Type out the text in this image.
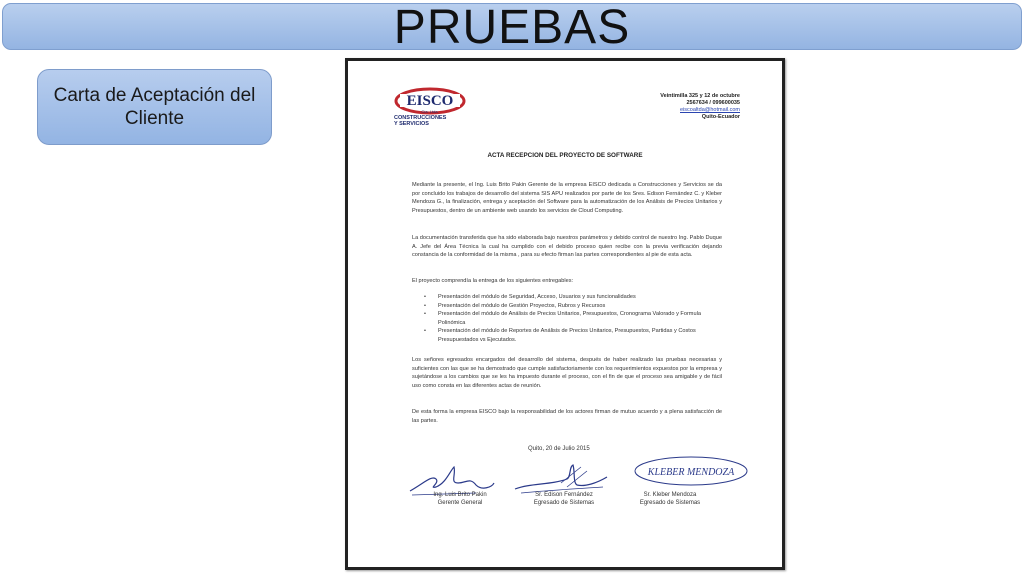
PRUEBAS
Carta de Aceptación del Cliente
EISCO
Cía. Ltda.
CONSTRUCCIONES
Y SERVICIOS
Veintimilla 325 y 12 de octubre
2567634 / 099600035
eiscoaltda@hotmail.com
Quito-Ecuador
ACTA RECEPCION DEL PROYECTO DE SOFTWARE
Mediante la presente, el Ing. Luis Brito Pakin Gerente de la empresa EISCO dedicada a Construcciones y Servicios se da por concluido los trabajos de desarrollo del sistema SIS APU realizados por parte de los Sres. Edison Fernández C. y Kleber Mendoza G., la finalización, entrega y aceptación del Software para la automatización de los Análisis de Precios Unitarios y Presupuestos, dentro de un ambiente web usando los servicios de Cloud Computing.
La documentación transferida que ha sido elaborada bajo nuestros parámetros y debido control de nuestro Ing. Pablo Duque A. Jefe del Área Técnica la cual ha cumplido con el debido proceso quien recibe con la previa verificación dejando constancia de la conformidad de la misma , para su efecto firman las partes correspondientes al pie de esta acta.
El proyecto comprendía la entrega de los siguientes entregables:
• Presentación del módulo de Seguridad, Acceso, Usuarios y sus funcionalidades
• Presentación del módulo de Gestión Proyectos, Rubros y Recursos
• Presentación del módulo de Análisis de Precios Unitarios, Presupuestos, Cronograma Valorado y Formula Polinómica
• Presentación del módulo de Reportes de Análisis de Precios Unitarios, Presupuestos, Partidas y Costos Presupuestados vs Ejecutados.
Los señores egresados encargados del desarrollo del sistema, después de haber realizado las pruebas necesarias y suficientes con las que se ha demostrado que cumple satisfactoriamente con los requerimientos expuestos por la empresa y sujetándose a los cambios que se les ha impuesto durante el proceso, con el fin de que el proceso sea amigable y de fácil uso como consta en las diferentes actas de reunión.
De esta forma la empresa EISCO bajo la responsabilidad de los actores firman de mutuo acuerdo y a plena satisfacción de las partes.
Quito, 20 de Julio 2015
KLEBER MENDOZA
Ing. Luis Brito Pakin
Gerente General
Sr. Edison Fernández
Egresado de Sistemas
Sr. Kleber Mendoza
Egresado de Sistemas
